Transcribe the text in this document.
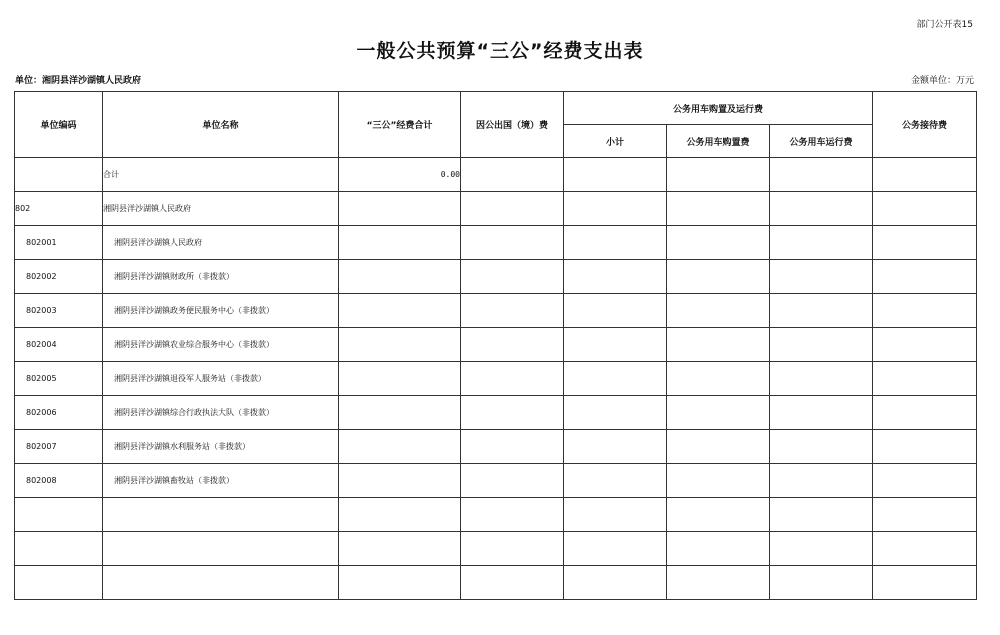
部门公开表15
一般公共预算“三公”经费支出表
单位：湘阴县洋沙湖镇人民政府	金额单位：万元
单位编码	单位名称	“三公”经费合计	因公出国（境）费	公务用车购置及运行费			公务接待费
				小计	公务用车购置费	公务用车运行费	
	合计	0.00					
802	湘阴县洋沙湖镇人民政府						
802001	湘阴县洋沙湖镇人民政府						
802002	湘阴县洋沙湖镇财政所（非拨款）						
802003	湘阴县洋沙湖镇政务便民服务中心（非拨款）						
802004	湘阴县洋沙湖镇农业综合服务中心（非拨款）						
802005	湘阴县洋沙湖镇退役军人服务站（非拨款）						
802006	湘阴县洋沙湖镇综合行政执法大队（非拨款）						
802007	湘阴县洋沙湖镇水利服务站（非拨款）						
802008	湘阴县洋沙湖镇畜牧站（非拨款）						
